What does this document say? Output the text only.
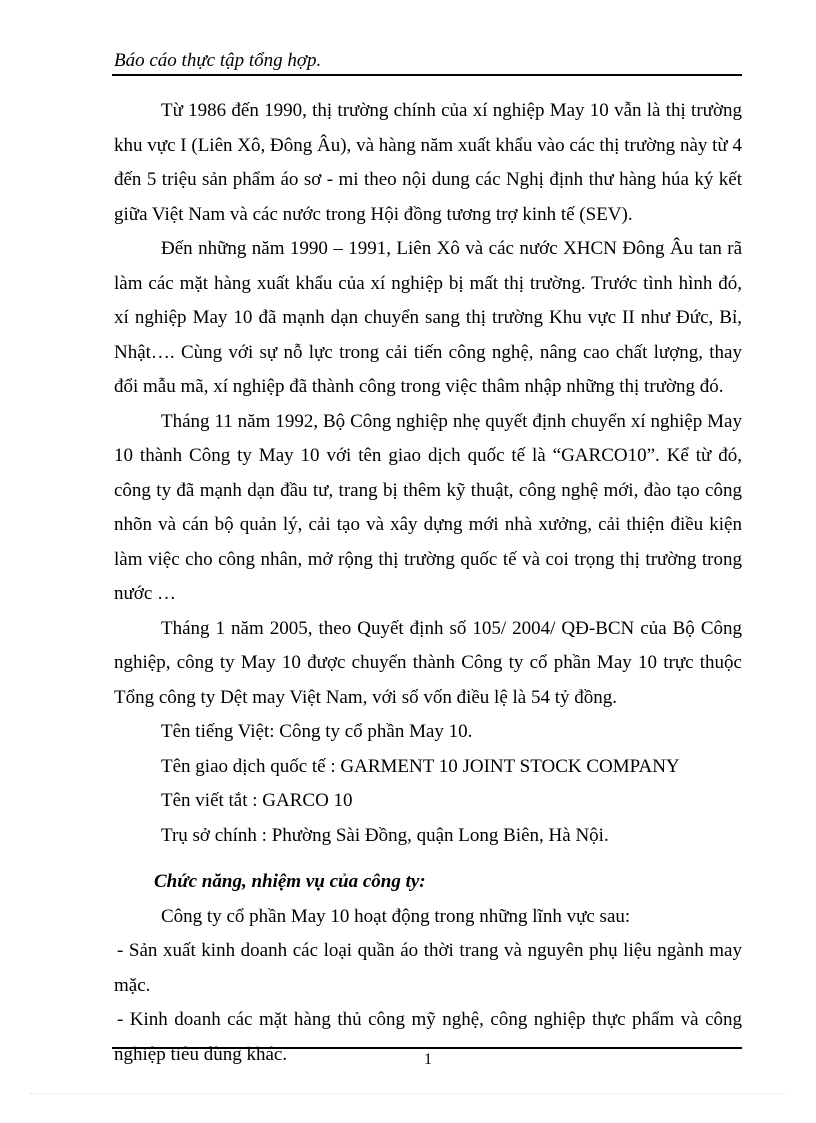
Báo cáo thực tập tổng hợp.

Từ 1986 đến 1990, thị trường chính của xí nghiệp May 10 vẫn là thị trường khu vực I (Liên Xô, Đông Âu), và hàng năm xuất khẩu vào các thị trường này từ 4 đến 5 triệu sản phẩm áo sơ - mi theo nội dung các Nghị định thư hàng húa ký kết giữa Việt Nam và các nước trong Hội đồng tương trợ kinh tế (SEV).

Đến những năm 1990 – 1991, Liên Xô và các nước XHCN Đông Âu tan rã làm các mặt hàng xuất khẩu của xí nghiệp bị mất thị trường. Trước tình hình đó, xí nghiệp May 10 đã mạnh dạn chuyển sang thị trường Khu vực II như Đức, Bỉ, Nhật…. Cùng với sự nỗ lực trong cải tiến công nghệ, nâng cao chất lượng, thay đổi mẫu mã, xí nghiệp đã thành công trong việc thâm nhập những thị trường đó.

Tháng 11 năm 1992, Bộ Công nghiệp nhẹ quyết định chuyển xí nghiệp May 10 thành Công ty May 10 với tên giao dịch quốc tế là “GARCO10”. Kể từ đó, công ty đã mạnh dạn đầu tư, trang bị thêm kỹ thuật, công nghệ mới, đào tạo công nhõn và cán bộ quản lý, cải tạo và xây dựng mới nhà xưởng, cải thiện điều kiện làm việc cho công nhân, mở rộng thị trường quốc tế và coi trọng thị trường trong nước …

Tháng 1 năm 2005, theo Quyết định số 105/ 2004/ QĐ-BCN của Bộ Công nghiệp, công ty May 10 được chuyển thành Công ty cổ phần May 10 trực thuộc Tổng công ty Dệt may Việt Nam, với số vốn điều lệ là 54 tỷ đồng.

Tên tiếng Việt: Công ty cổ phần May 10.

Tên giao dịch quốc tế : GARMENT 10 JOINT STOCK COMPANY

Tên viết tắt : GARCO 10

Trụ sở chính : Phường Sài Đồng, quận Long Biên, Hà Nội.

Chức năng, nhiệm vụ của công ty:

Công ty cổ phần May 10 hoạt động trong những lĩnh vực sau:

- Sản xuất kinh doanh các loại quần áo thời trang và nguyên phụ liệu ngành may mặc.

- Kinh doanh các mặt hàng thủ công mỹ nghệ, công nghiệp thực phẩm và công nghiệp tiêu dùng khác.	1
